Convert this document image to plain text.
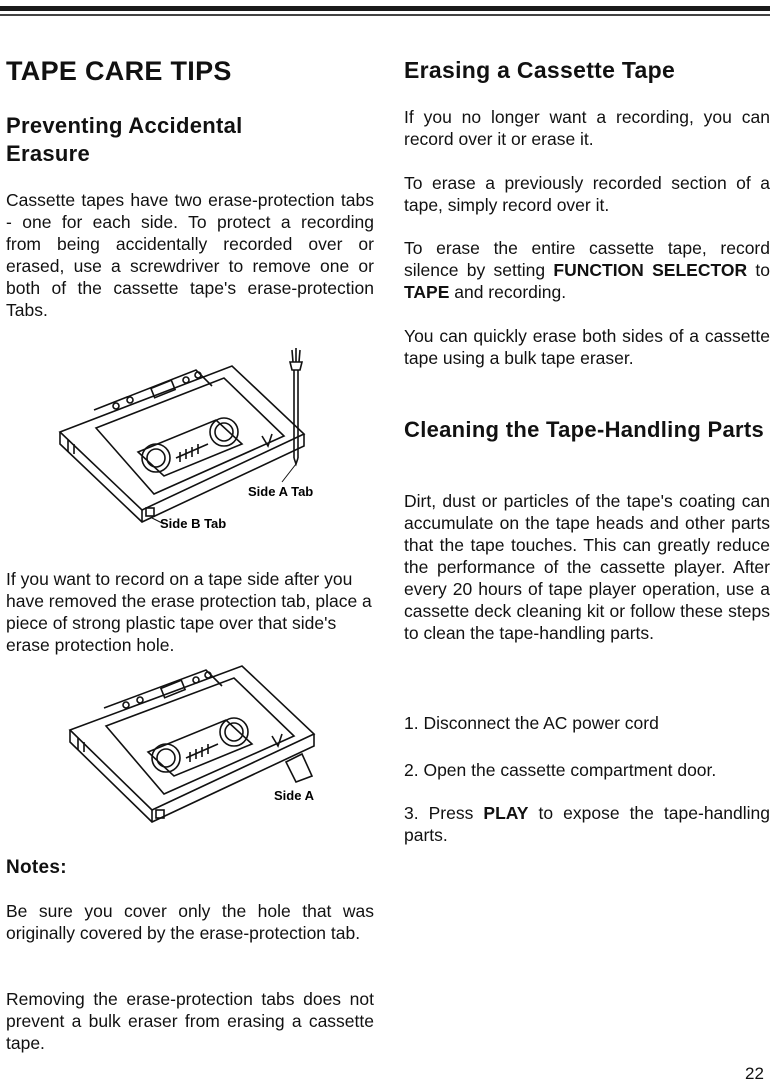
TAPE CARE TIPS
Preventing Accidental Erasure

Cassette tapes have two erase-protection tabs - one for each side. To protect a recording from being accidentally recorded over or erased, use a screwdriver to remove one or both of the cassette tape's erase-protection Tabs.

Side A Tab
Side B Tab

If you want to record on a tape side after you have removed the erase protection tab, place a piece of strong plastic tape over that side's erase protection hole.

Side A
Notes:

Be sure you cover only the hole that was originally covered by the erase-protection tab.

Removing the erase-protection tabs does not prevent a bulk eraser from erasing a cassette tape.

Erasing a Cassette Tape

If you no longer want a recording, you can record over it or erase it.

To erase a previously recorded section of a tape, simply record over it.

To erase the entire cassette tape, record silence by setting FUNCTION SELECTOR to TAPE and recording.

You can quickly erase both sides of a cassette tape using a bulk tape eraser.

Cleaning the Tape-Handling Parts

Dirt, dust or particles of the tape's coating can accumulate on the tape heads and other parts that the tape touches. This can greatly reduce the performance of the cassette player. After every 20 hours of tape player operation, use a cassette deck cleaning kit or follow these steps to clean the tape-handling parts.

1. Disconnect the AC power cord

2. Open the cassette compartment door.

3. Press PLAY to expose the tape-handling parts.

22
